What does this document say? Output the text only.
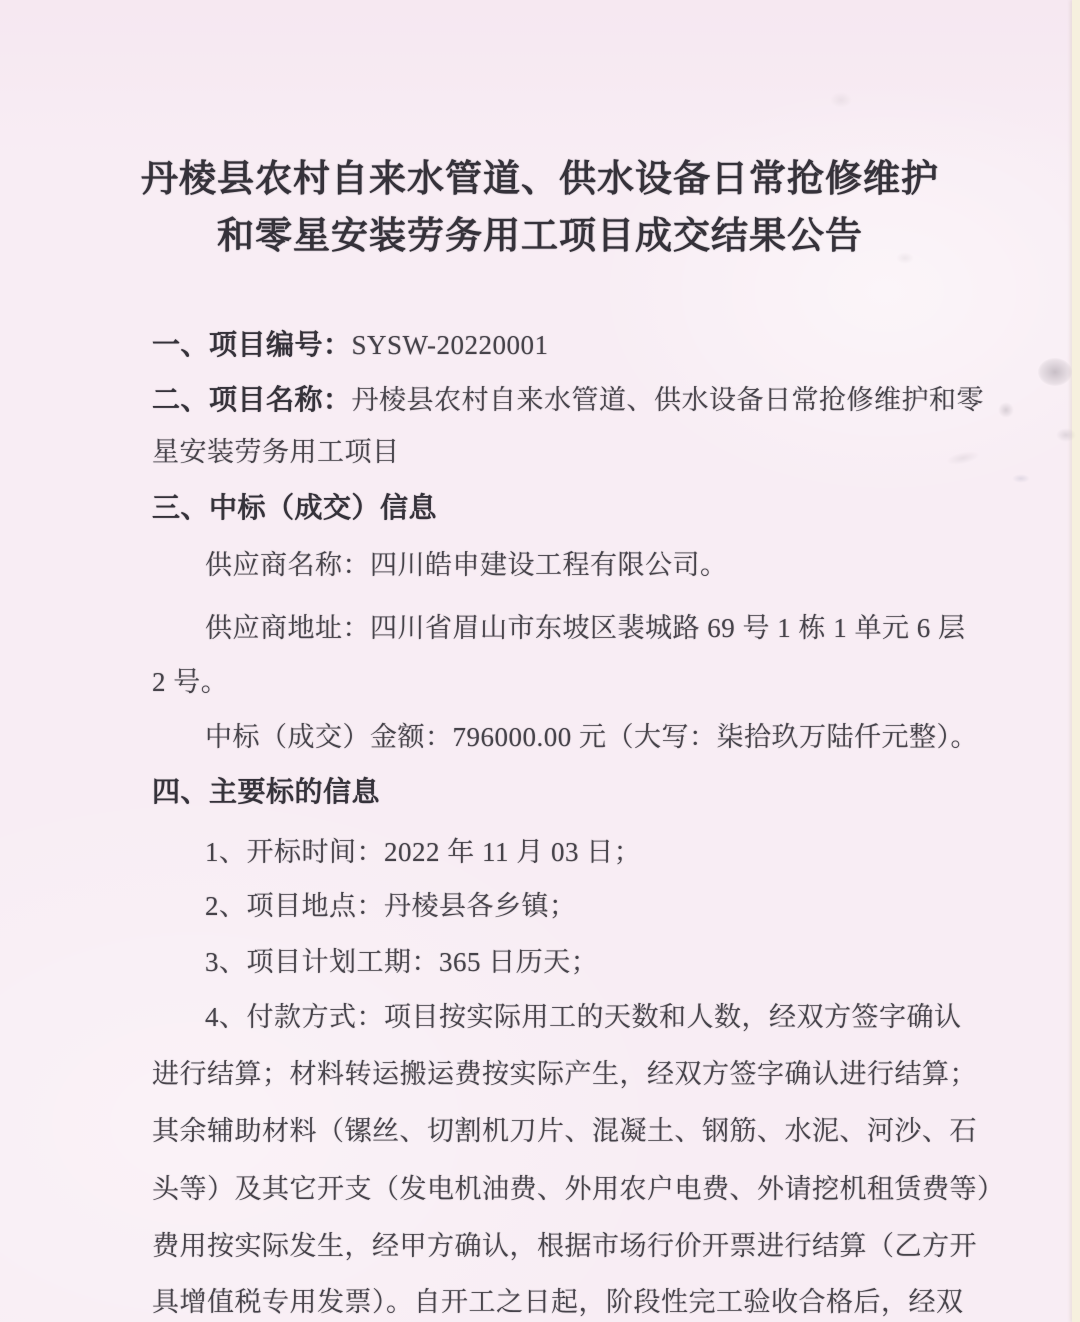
丹棱县农村自来水管道、供水设备日常抢修维护
和零星安装劳务用工项目成交结果公告
一、项目编号：SYSW-20220001
二、项目名称：丹棱县农村自来水管道、供水设备日常抢修维护和零
星安装劳务用工项目
三、中标（成交）信息
供应商名称：四川皓申建设工程有限公司。
供应商地址：四川省眉山市东坡区裴城路 69 号 1 栋 1 单元 6 层
2 号。
中标（成交）金额：796000.00 元（大写：柒拾玖万陆仟元整）。
四、主要标的信息
1、开标时间：2022 年 11 月 03 日；
2、项目地点：丹棱县各乡镇；
3、项目计划工期：365 日历天；
4、付款方式：项目按实际用工的天数和人数，经双方签字确认
进行结算；材料转运搬运费按实际产生，经双方签字确认进行结算；
其余辅助材料（镙丝、切割机刀片、混凝土、钢筋、水泥、河沙、石
头等）及其它开支（发电机油费、外用农户电费、外请挖机租赁费等）
费用按实际发生，经甲方确认，根据市场行价开票进行结算（乙方开
具增值税专用发票）。自开工之日起，阶段性完工验收合格后，经双
